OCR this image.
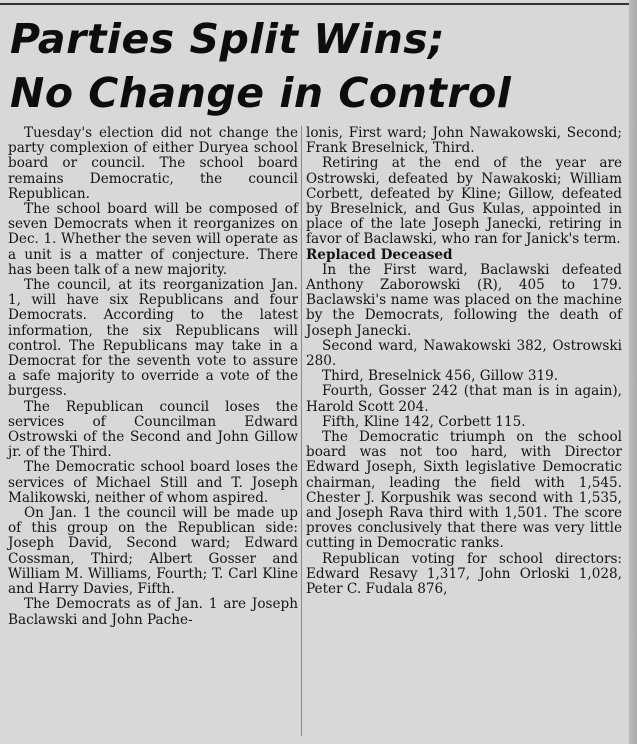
Parties Split Wins;
No Change in Control

Tuesday's election did not change the party complexion of either Duryea school board or council. The school board remains Democratic, the council Republican.

The school board will be composed of seven Democrats when it reorganizes on Dec. 1. Whether the seven will operate as a unit is a matter of conjecture. There has been talk of a new majority.

The council, at its reorganization Jan. 1, will have six Republicans and four Democrats. According to the latest information, the six Republicans will control. The Republicans may take in a Democrat for the seventh vote to assure a safe majority to override a vote of the burgess.

The Republican council loses the services of Councilman Edward Ostrowski of the Second and John Gillow jr. of the Third.

The Democratic school board loses the services of Michael Still and T. Joseph Malikowski, neither of whom aspired.

On Jan. 1 the council will be made up of this group on the Republican side: Joseph David, Second ward; Edward Cossman, Third; Albert Gosser and William M. Williams, Fourth; T. Carl Kline and Harry Davies, Fifth.

The Democrats as of Jan. 1 are Joseph Baclawski and John Pache-

lonis, First ward; John Nawakowski, Second; Frank Breselnick, Third.

Retiring at the end of the year are Ostrowski, defeated by Nawakoski; William Corbett, defeated by Kline; Gillow, defeated by Breselnick, and Gus Kulas, appointed in place of the late Joseph Janecki, retiring in favor of Baclawski, who ran for Janick's term.

Replaced Deceased

In the First ward, Baclawski defeated Anthony Zaborowski (R), 405 to 179. Baclawski's name was placed on the machine by the Democrats, following the death of Joseph Janecki.

Second ward, Nawakowski 382, Ostrowski 280.

Third, Breselnick 456, Gillow 319.

Fourth, Gosser 242 (that man is in again), Harold Scott 204.

Fifth, Kline 142, Corbett 115.

The Democratic triumph on the school board was not too hard, with Director Edward Joseph, Sixth legislative Democratic chairman, leading the field with 1,545. Chester J. Korpushik was second with 1,535, and Joseph Rava third with 1,501. The score proves conclusively that there was very little cutting in Democratic ranks.

Republican voting for school directors: Edward Resavy 1,317, John Orloski 1,028, Peter C. Fudala 876,
